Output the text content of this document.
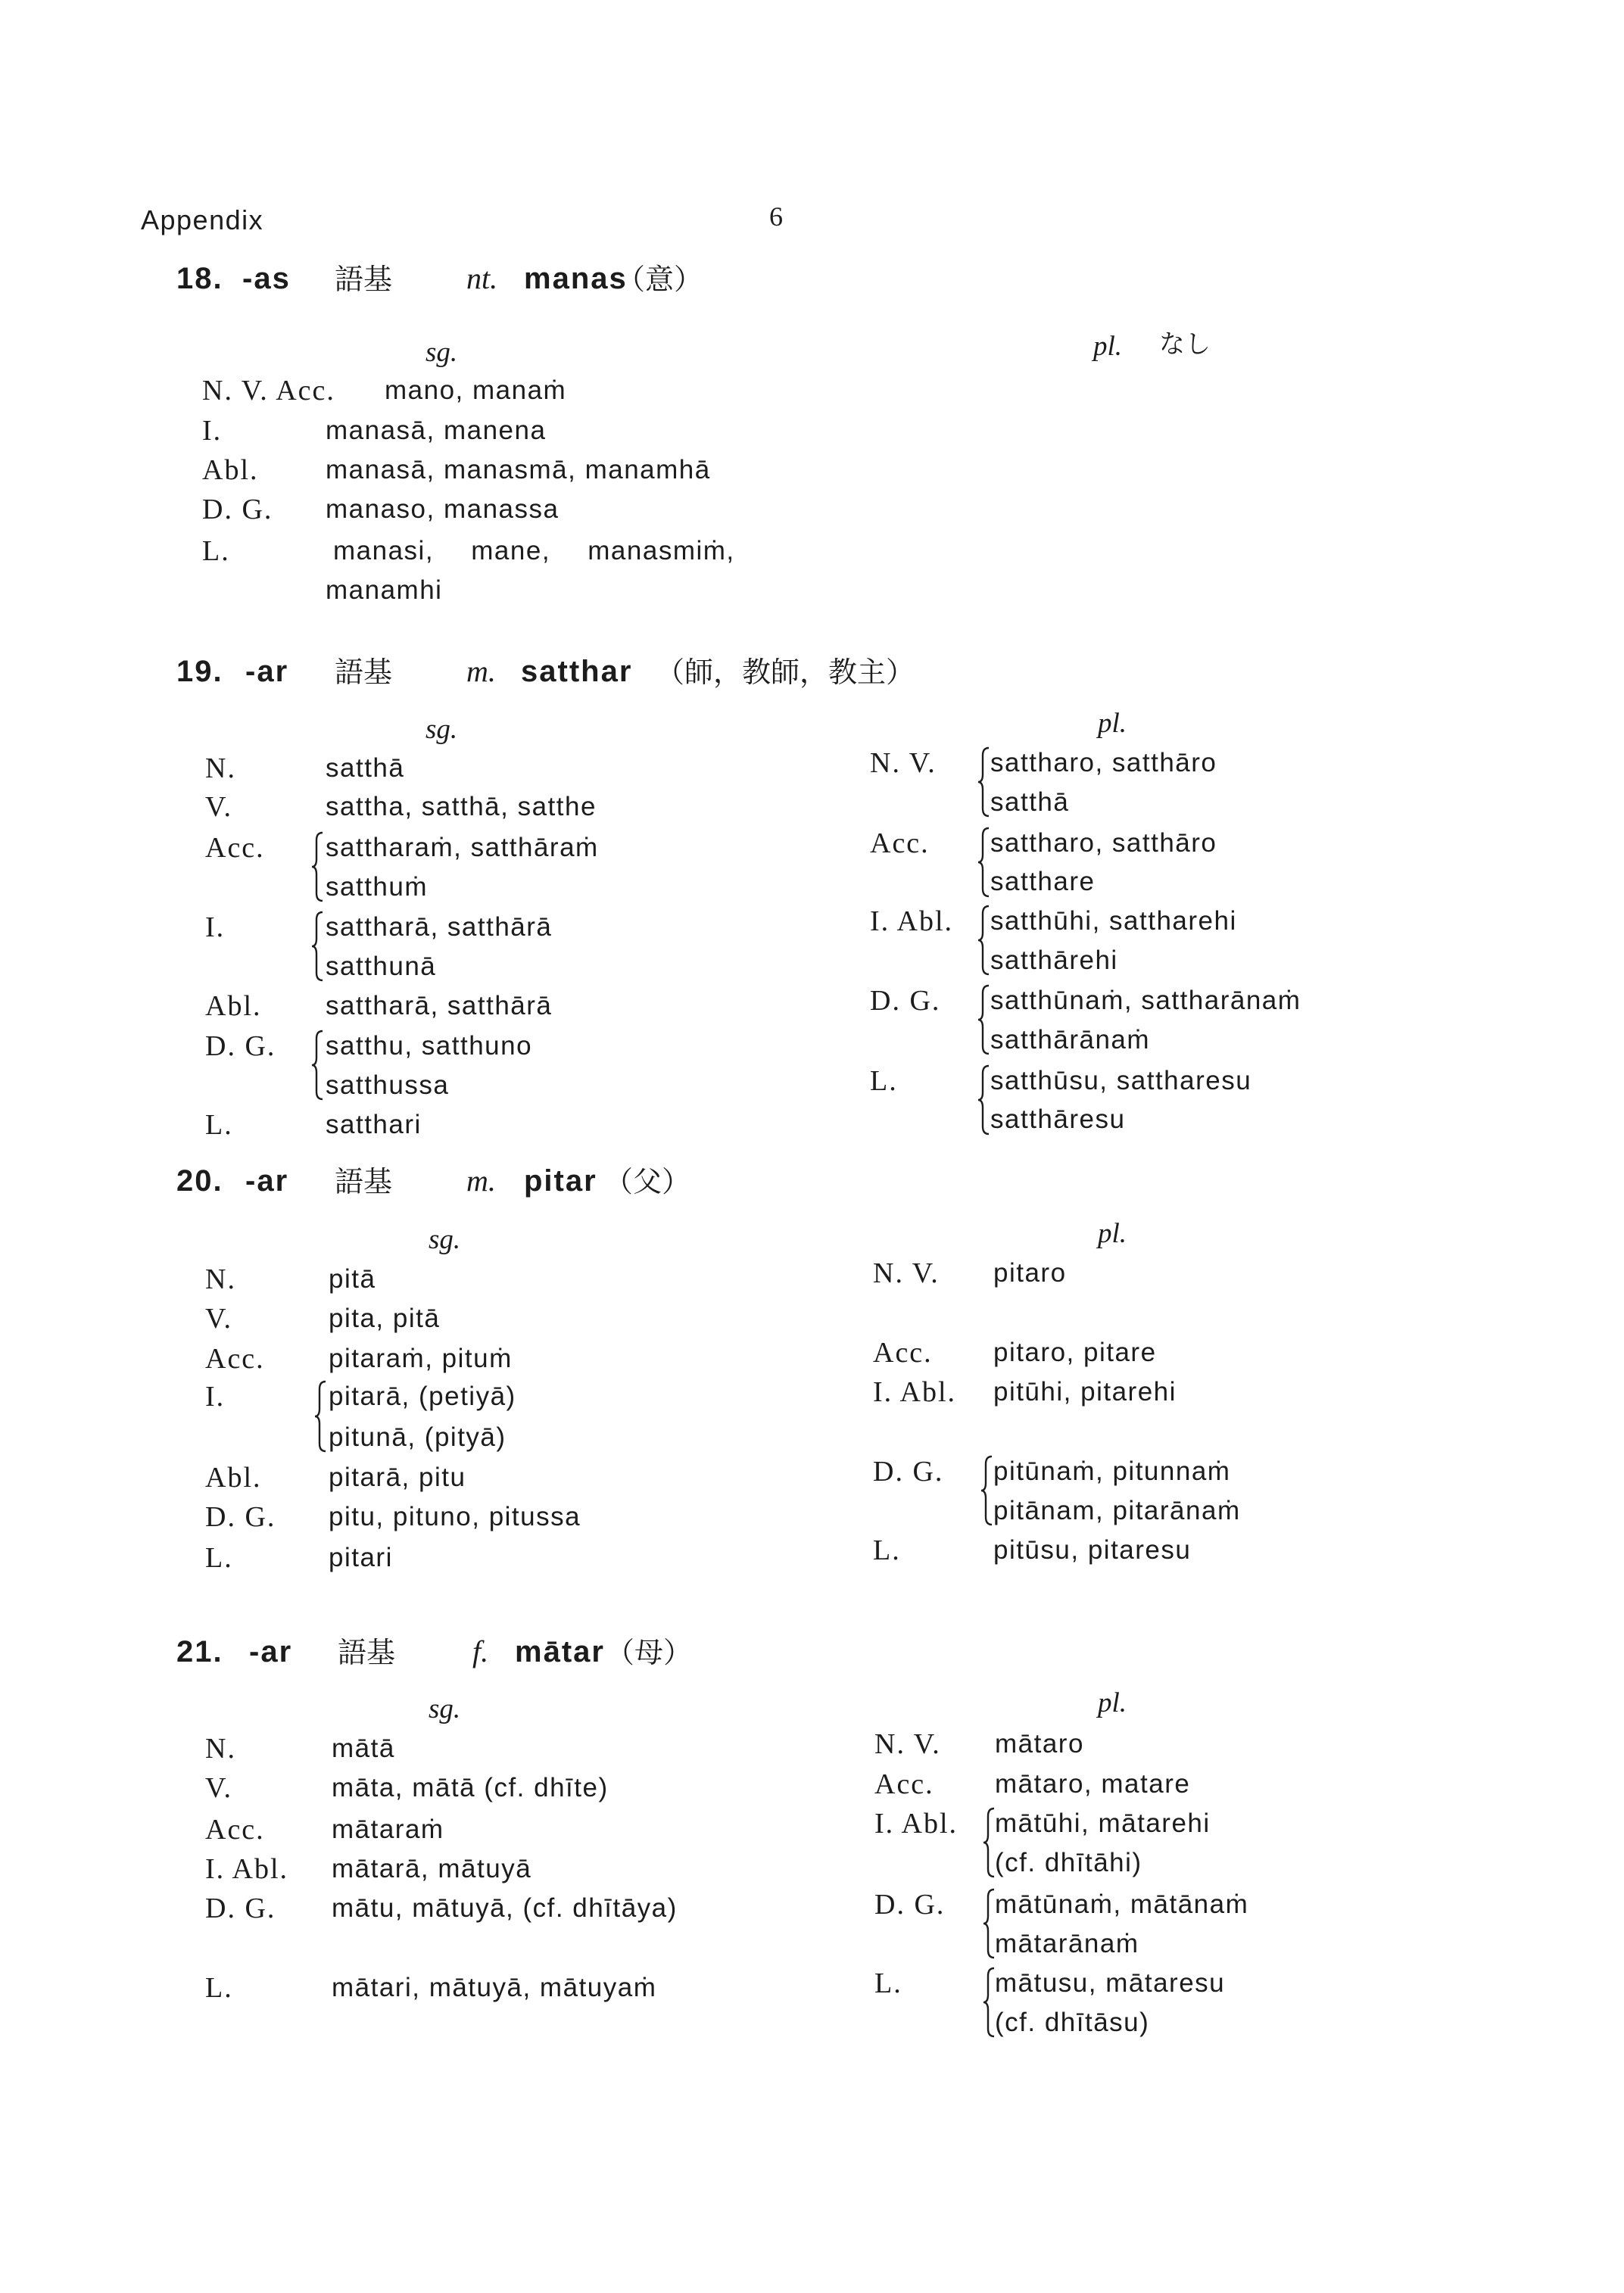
Appendix	6
18. -as 語基 nt. manas
（意）
sg.	pl. なし
N. V. Acc. mano, manaṁ
I.	manasā, manena
Abl.	manasā, manasmā, manamhā
D. G. manaso, manassa
L.	manasi, mane, manasmiṁ,
manamhi
19. -ar 語基 m. satthar （師，教師，教主）
sg.	pl.
N.	satthā
V.	sattha, satthā, satthe
Acc. sattharaṁ, satthāraṁ
satthuṁ
I.	sattharā, satthārā
satthunā
Abl. sattharā, satthārā
D. G. satthu, satthuno
satthussa
L.	satthari
N. V. sattharo, satthāro
satthā
Acc. sattharo, satthāro
satthare
I. Abl. satthūhi, sattharehi
satthārehi
D. G. satthūnaṁ, sattharānaṁ
satthārānaṁ
L.	satthūsu, sattharesu
satthāresu
20. -ar 語基 m. pitar （父）
sg.	pl.
N.	pitā
V.	pita, pitā
Acc. pitaraṁ, pituṁ
I.	pitarā, (petiyā)
pitunā, (pityā)
Abl.	pitarā, pitu
D. G. pitu, pituno, pitussa
L.	pitari
N. V. pitaro
Acc. pitaro, pitare
I. Abl. pitūhi, pitarehi
D. G. pitūnaṁ, pitunnaṁ
pitānam, pitarānaṁ
L.	pitūsu, pitaresu
21. -ar 語基	f. mātar （母）
sg.	pl.
N.	mātā
V.	māta, mātā (cf. dhīte)
Acc.	mātaraṁ
I. Abl. mātarā, mātuyā
D. G. mātu, mātuyā, (cf. dhītāya)
L.	mātari, mātuyā, mātuyaṁ
N. V. mātaro
Acc. mātaro, matare
I. Abl. mātūhi, mātarehi
(cf. dhītāhi)
D. G. mātūnaṁ, mātānaṁ
mātarānaṁ
L.	mātusu, mātaresu
(cf. dhītāsu)
